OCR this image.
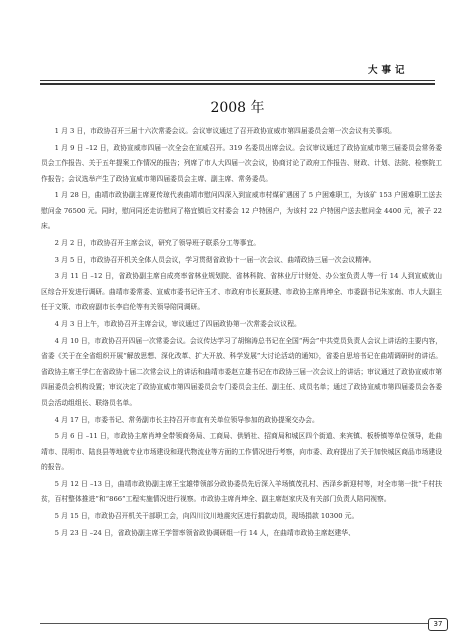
大事记
2008 年

1 月 3 日，市政协召开三届十六次常委会议。会议审议通过了召开政协宣威市第四届委员会第一次会议有关事项。

1 月 9 日 –12 日，政协宣威市四届一次全会在宣威召开。319 名委员出席会议。会议审议通过了政协宣威市第三届委员会常务委员会工作报告、关于五年提案工作情况的报告；列席了市人大四届一次会议，协商讨论了政府工作报告、财政、计划、法院、检察院工作报告；会议选举产生了政协宣威市第四届委员会主席、副主席、常务委员。

1 月 28 日，曲靖市政协副主席夏传琼代表曲靖市慰问四深入到宣威市村煤矿遇困了 5 户困难职工，为该矿 153 户困难职工送去慰问金 76500 元。同时，慰问同还走访慰问了格宜镇后文村委会 12 户特困户，为该村 22 户特困户送去慰问金 4400 元，被子 22 床。

2 月 2 日，市政协召开主席会议，研究了领导班子联系分工等事宜。

3 月 5 日，市政协召开机关全体人员会议，学习贯彻省政协十一届一次会议、曲靖政协三届一次会议精神。

3 月 11 日 –12 日，省政协副主席自成亮率省林业规划院、省林科院、省林业厅计财处、办公室负责人等一行 14 人到宣威就山区综合开发进行调研。曲靖市委常委、宣威市委书记许玉才、市政府市长夏跃建、市政协主席肖坤全、市委副书记朱家南、市人大副主任于文策、市政府副市长李启伦等有关领导陪同调研。

4 月 3 日上午，市政协召开主席会议，审议通过了四届政协第一次常委会议议程。

4 月 10 日，市政协召开四届一次常委会议。会议传达学习了胡锦涛总书记在全国“两会”中共党员负责人会议上讲话的主要内容，省委《关于在全省组织开展“解放思想、深化改革、扩大开放、科学发展”大讨论活动的通知》，省委自思培书记在曲靖调研时的讲话。省政协主席王学仁在省政协十届二次常会议上的讲话和曲靖市委赵立雄书记在市政协三届一次会议上的讲话；审议通过了政协宣威市第四届委员会机构设置；审议决定了政协宣威市第四届委员会专门委员会主任、副主任、成员名单；通过了政协宣威市第四届委员会各委员会活动组组长、联络员名单。

4 月 17 日，市委书记、常务副市长主持召开市直有关单位领导参加的政协提案交办会。

5 月 6 日 –11 日，市政协主席肖坤全带领商务局、工商局、供销社、招商局和城区四个街道、来宾镇、板桥镇等单位领导，赴曲靖市、昆明市、陆良县等地就专业市场建设和现代物流业等方面的工作情况进行考察，向市委、政府提出了关于加快城区商品市场建设的报告。

5 月 12 日 –13 日，曲靖市政协副主席王宝雄带领部分政协委员先后深入羊场镇茂孔村、西泽乡新迎村等，对全市第一批“千村扶贫，百村整体推进”和“866”工程实施情况进行视察。市政协主席肖坤全、副主席赵家庆及有关部门负责人陪同视察。

5 月 15 日，市政协召开机关干部职工会，向四川汶川地震灾区进行捐款动员，现场捐款 10300 元。

5 月 23 日 –24 日，省政协副主席王学智率领省政协调研组一行 14 人，在曲靖市政协主席赵建华、

37
